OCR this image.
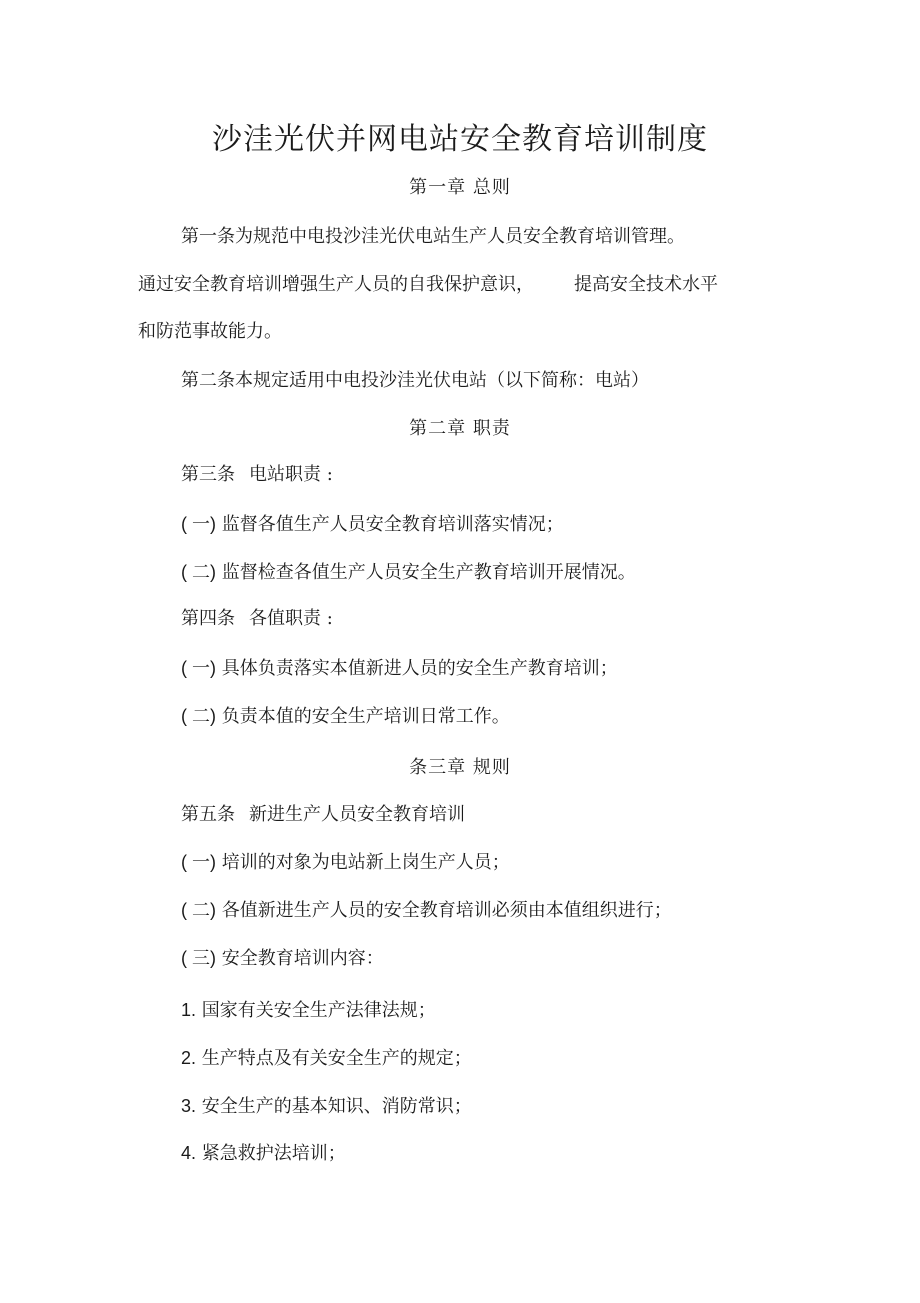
沙洼光伏并网电站安全教育培训制度
第一章 总则
第一条为规范中电投沙洼光伏电站生产人员安全教育培训管理。
通过安全教育培训增强生产人员的自我保护意识， 提高安全技术水平
和防范事故能力。
第二条本规定适用中电投沙洼光伏电站（以下简称：电站）
第二章 职责
第三条 电站职责 :
( 一) 监督各值生产人员安全教育培训落实情况；
( 二) 监督检查各值生产人员安全生产教育培训开展情况。
第四条 各值职责 :
( 一) 具体负责落实本值新进人员的安全生产教育培训；
( 二) 负责本值的安全生产培训日常工作。
条三章 规则
第五条 新进生产人员安全教育培训
( 一) 培训的对象为电站新上岗生产人员；
( 二) 各值新进生产人员的安全教育培训必须由本值组织进行；
( 三) 安全教育培训内容：
1. 国家有关安全生产法律法规；
2. 生产特点及有关安全生产的规定；
3. 安全生产的基本知识、消防常识；
4. 紧急救护法培训；
